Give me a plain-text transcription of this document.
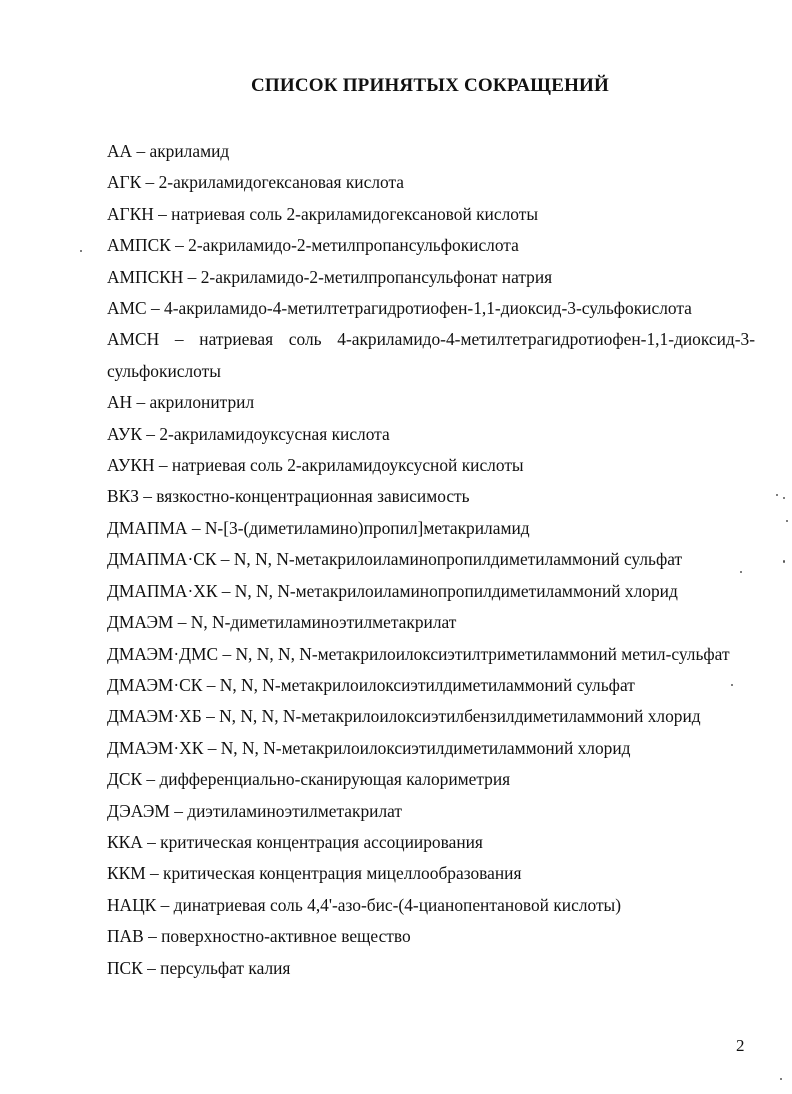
СПИСОК ПРИНЯТЫХ СОКРАЩЕНИЙ

АА – акриламид

АГК – 2-акриламидогексановая кислота

АГКН – натриевая соль 2-акриламидогексановой кислоты

АМПСК – 2-акриламидо-2-метилпропансульфокислота

АМПСКН – 2-акриламидо-2-метилпропансульфонат натрия

АМС – 4-акриламидо-4-метилтетрагидротиофен-1,1-диоксид-3-сульфокислота

АМСН – натриевая соль 4-акриламидо-4-метилтетрагидротиофен-1,1-диоксид-3-сульфокислоты

АН – акрилонитрил

АУК – 2-акриламидоуксусная кислота

АУКН – натриевая соль 2-акриламидоуксусной кислоты

ВКЗ – вязкостно-концентрационная зависимость

ДМАПМА – N-[3-(диметиламино)пропил]метакриламид

ДМАПМА·СК – N, N, N-метакрилоиламинопропилдиметиламмоний сульфат

ДМАПМА·ХК – N, N, N-метакрилоиламинопропилдиметиламмоний хлорид

ДМАЭМ – N, N-диметиламиноэтилметакрилат

ДМАЭМ·ДМС – N, N, N, N-метакрилоилоксиэтилтриметиламмоний метил-сульфат

ДМАЭМ·СК – N, N, N-метакрилоилоксиэтилдиметиламмоний сульфат

ДМАЭМ·ХБ – N, N, N, N-метакрилоилоксиэтилбензилдиметиламмоний хлорид

ДМАЭМ·ХК – N, N, N-метакрилоилоксиэтилдиметиламмоний хлорид

ДСК – дифференциально-сканирующая калориметрия

ДЭАЭМ – диэтиламиноэтилметакрилат

ККА – критическая концентрация ассоциирования

ККМ – критическая концентрация мицеллообразования

НАЦК – динатриевая соль 4,4'-азо-бис-(4-цианопентановой кислоты)

ПАВ – поверхностно-активное вещество

ПСК – персульфат калия

2
